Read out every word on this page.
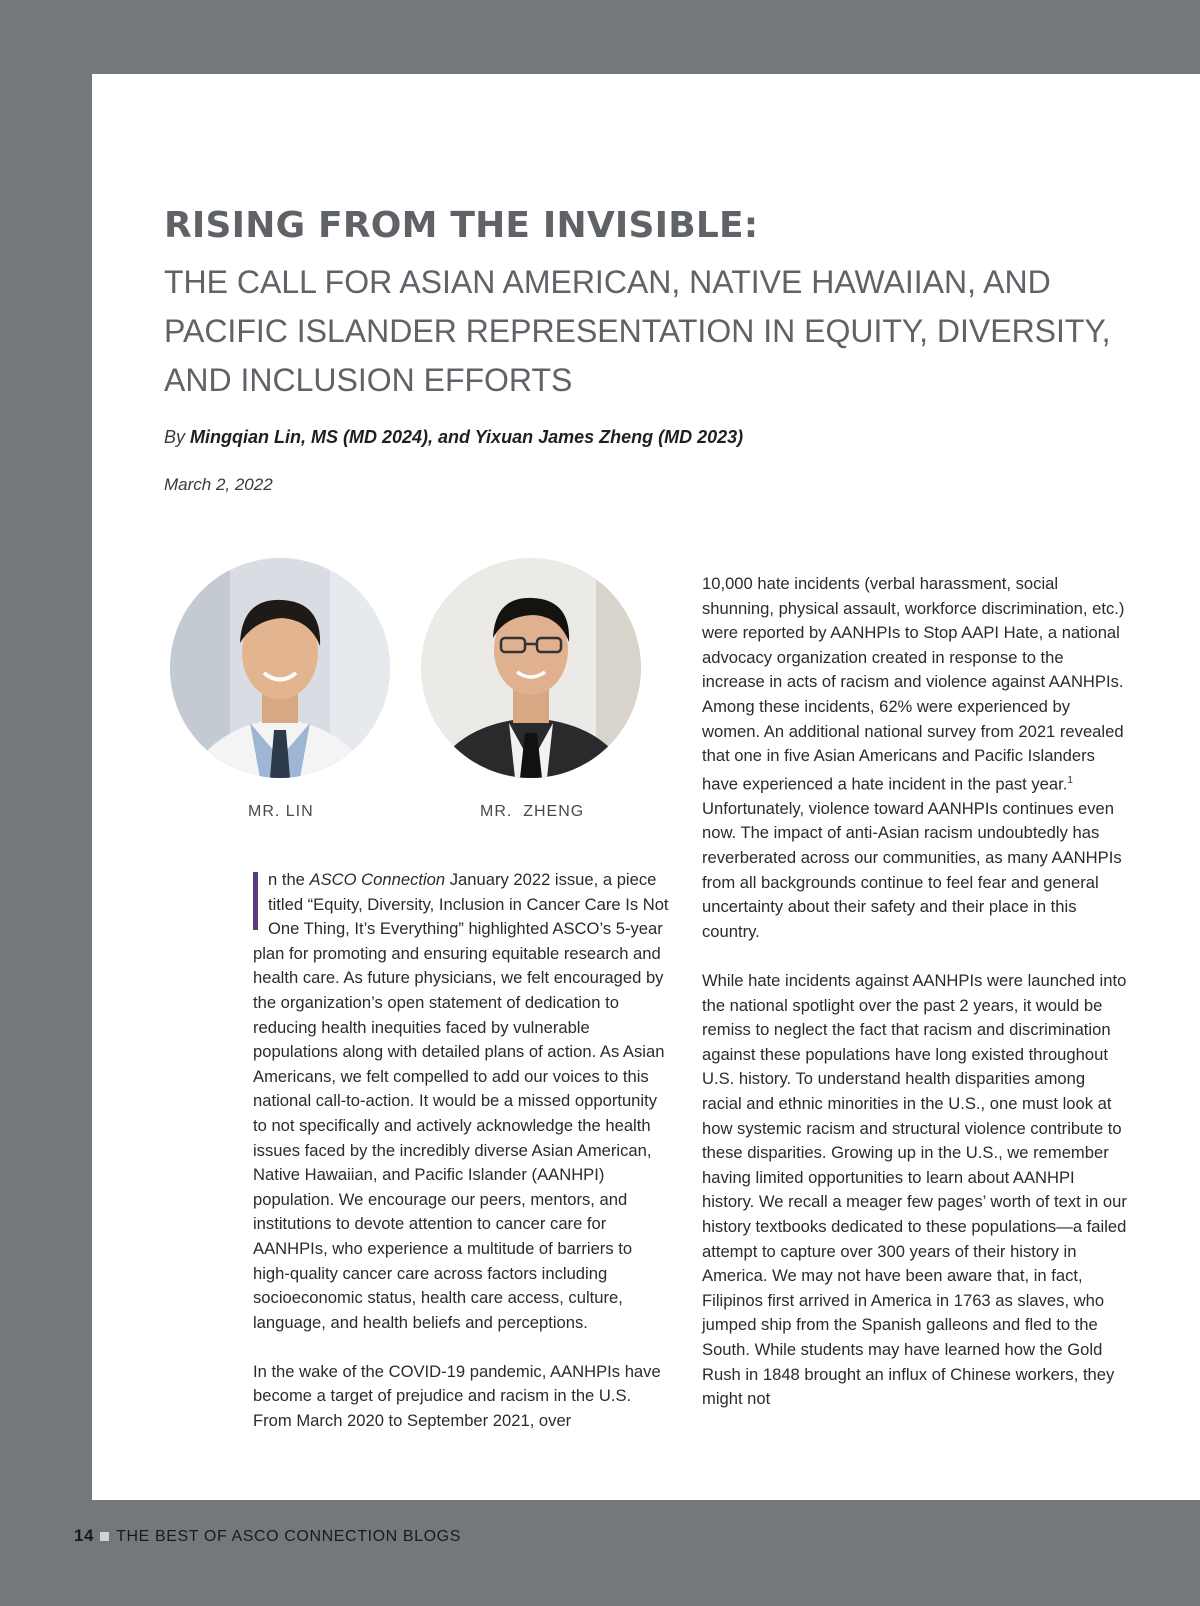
RISING FROM THE INVISIBLE:
THE CALL FOR ASIAN AMERICAN, NATIVE HAWAIIAN, AND PACIFIC ISLANDER REPRESENTATION IN EQUITY, DIVERSITY, AND INCLUSION EFFORTS
By Mingqian Lin, MS (MD 2024), and Yixuan James Zheng (MD 2023)
March 2, 2022
MR. LIN	MR.  ZHENG

n the ASCO Connection January 2022 issue, a piece titled “Equity, Diversity, Inclusion in Cancer Care Is Not One Thing, It’s Everything” highlighted ASCO’s 5-year plan for promoting and ensuring equitable research and health care. As future physicians, we felt encouraged by the organization’s open statement of dedication to reducing health inequities faced by vulnerable populations along with detailed plans of action. As Asian Americans, we felt compelled to add our voices to this national call-to-action. It would be a missed opportunity to not specifically and actively acknowledge the health issues faced by the incredibly diverse Asian American, Native Hawaiian, and Pacific Islander (AANHPI) population. We encourage our peers, mentors, and institutions to devote attention to cancer care for AANHPIs, who experience a multitude of barriers to high-quality cancer care across factors including socioeconomic status, health care access, culture, language, and health beliefs and perceptions.

In the wake of the COVID-19 pandemic, AANHPIs have become a target of prejudice and racism in the U.S. From March 2020 to September 2021, over

10,000 hate incidents (verbal harassment, social shunning, physical assault, workforce discrimination, etc.) were reported by AANHPIs to Stop AAPI Hate, a national advocacy organization created in response to the increase in acts of racism and violence against AANHPIs. Among these incidents, 62% were experienced by women. An additional national survey from 2021 revealed that one in five Asian Americans and Pacific Islanders have experienced a hate incident in the past year.$^1$ Unfortunately, violence toward AANHPIs continues even now. The impact of anti-Asian racism undoubtedly has reverberated across our communities, as many AANHPIs from all backgrounds continue to feel fear and general uncertainty about their safety and their place in this country.

While hate incidents against AANHPIs were launched into the national spotlight over the past 2 years, it would be remiss to neglect the fact that racism and discrimination against these populations have long existed throughout U.S. history. To understand health disparities among racial and ethnic minorities in the U.S., one must look at how systemic racism and structural violence contribute to these disparities. Growing up in the U.S., we remember having limited opportunities to learn about AANHPI history. We recall a meager few pages’ worth of text in our history textbooks dedicated to these populations—a failed attempt to capture over 300 years of their history in America. We may not have been aware that, in fact, Filipinos first arrived in America in 1763 as slaves, who jumped ship from the Spanish galleons and fled to the South. While students may have learned how the Gold Rush in 1848 brought an influx of Chinese workers, they might not

14 THE BEST OF ASCO CONNECTION BLOGS
